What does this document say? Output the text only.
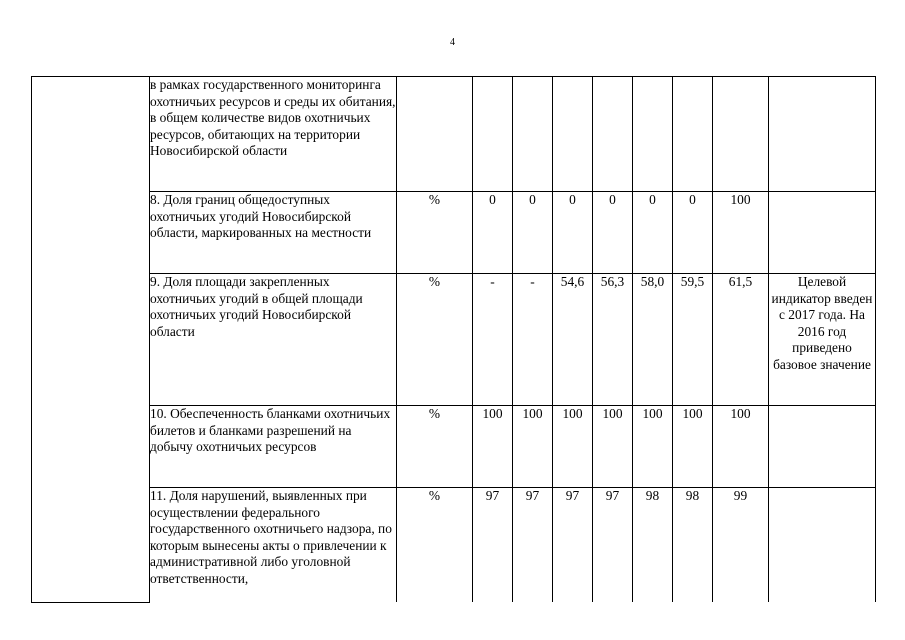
4
	в рамках государственного мониторинга охотничьих ресурсов и среды их обитания, в общем количестве видов охотничьих ресурсов, обитающих на территории Новосибирской области									
	8. Доля границ общедоступных охотничьих угодий Новосибирской области, маркированных на местности	%	0	0	0	0	0	0	100	
	9. Доля площади закрепленных охотничьих угодий в общей площади охотничьих угодий Новосибирской области	%	-	-	54,6	56,3	58,0	59,5	61,5	Целевой индикатор введен с 2017 года. На 2016 год приведено базовое значение
	10. Обеспеченность бланками охотничьих билетов и бланками разрешений на добычу охотничьих ресурсов	%	100	100	100	100	100	100	100	
	11. Доля нарушений, выявленных при осуществлении федерального государственного охотничьего надзора, по которым вынесены акты о привлечении к административной либо уголовной ответственности,	%	97	97	97	97	98	98	99	
